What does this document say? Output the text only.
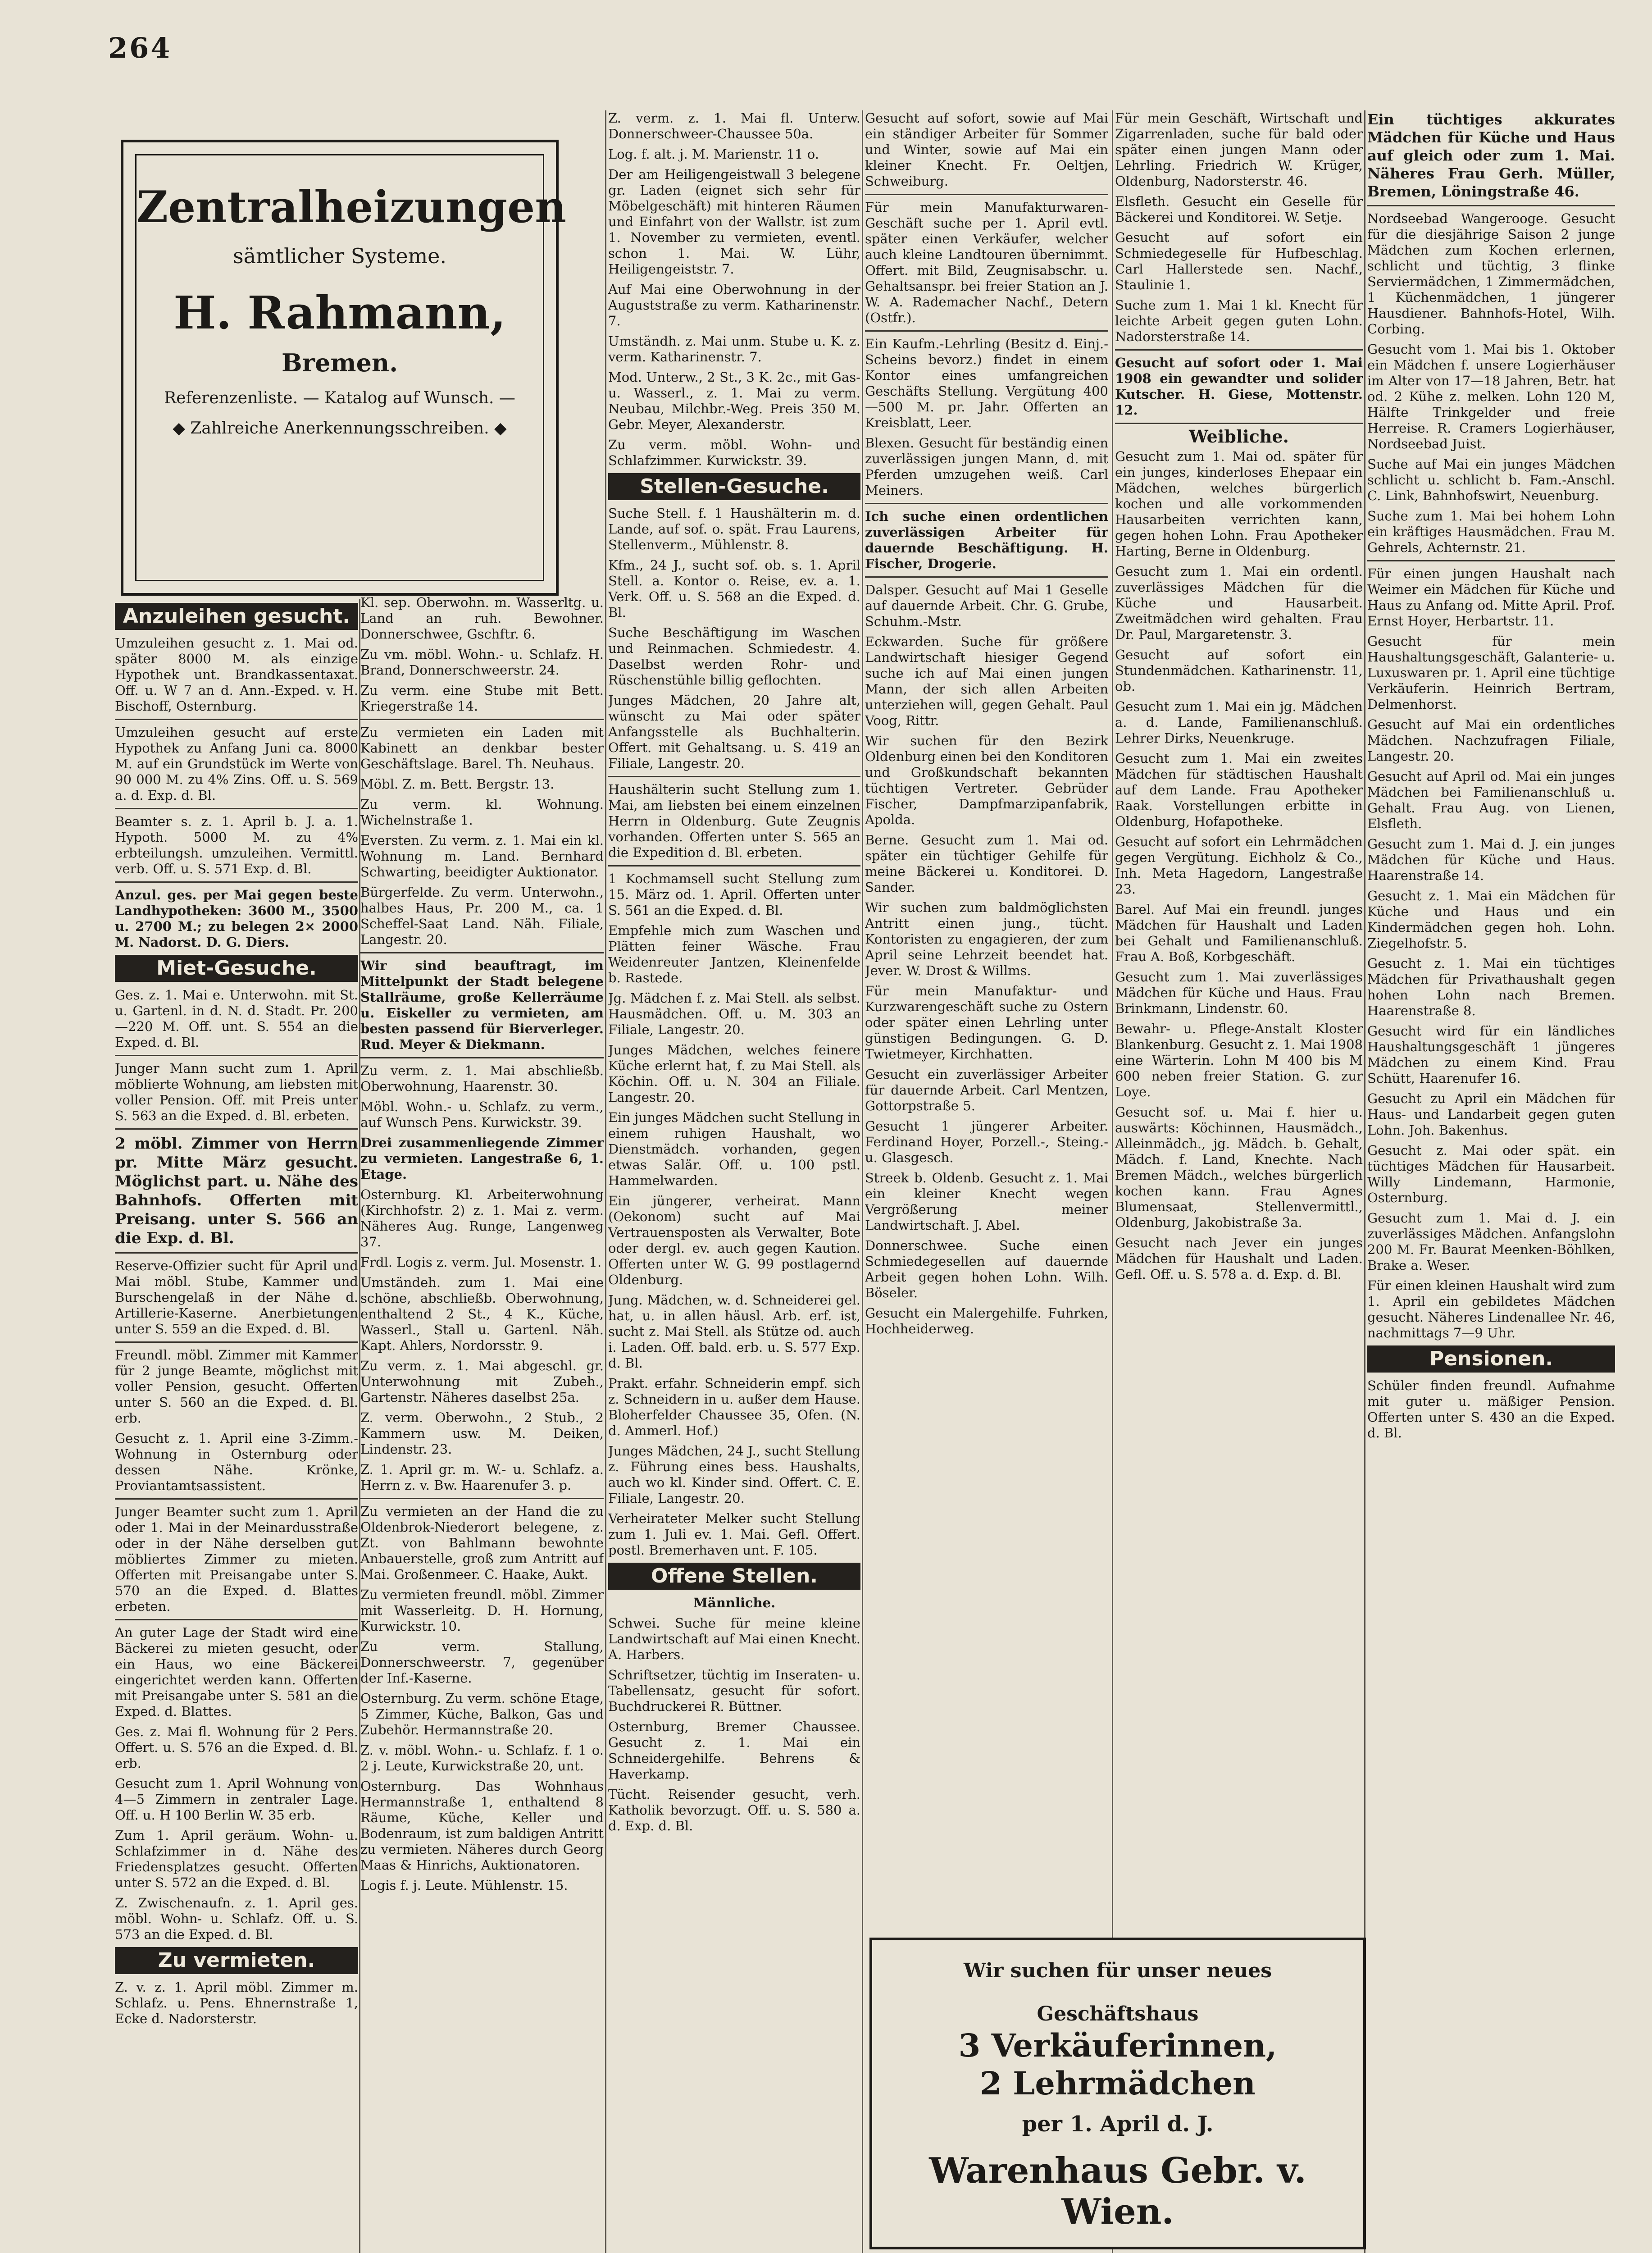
264
Zentralheizungen
sämtlicher Systeme.
H. Rahmann,
Bremen.
Referenzenliste. — Katalog auf Wunsch. —
◆ Zahlreiche Anerkennungsschreiben. ◆
Anzuleihen gesucht.
Umzuleihen gesucht z. 1. Mai od. später 8000 M. als einzige Hypothek unt. Brandkassentaxat. Off. u. W 7 an d. Ann.-Exped. v. H. Bischoff, Osternburg.
Umzuleihen gesucht auf erste Hypothek zu Anfang Juni ca. 8000 M. auf ein Grundstück im Werte von 90 000 M. zu 4% Zins. Off. u. S. 569 a. d. Exp. d. Bl.
Beamter s. z. 1. April b. J. a. 1. Hypoth. 5000 M. zu 4% erbteilungsh. umzuleihen. Vermittl. verb. Off. u. S. 571 Exp. d. Bl.
Anzul. ges. per Mai gegen beste Landhypotheken: 3600 M., 3500 u. 2700 M.; zu belegen 2× 2000 M. Nadorst. D. G. Diers.
Miet-Gesuche.
Ges. z. 1. Mai e. Unterwohn. mit St. u. Gartenl. in d. N. d. Stadt. Pr. 200—220 M. Off. unt. S. 554 an die Exped. d. Bl.
Junger Mann sucht zum 1. April möblierte Wohnung, am liebsten mit voller Pension. Off. mit Preis unter S. 563 an die Exped. d. Bl. erbeten.
2 möbl. Zimmer von Herrn pr. Mitte März gesucht. Möglichst part. u. Nähe des Bahnhofs. Offerten mit Preisang. unter S. 566 an die Exp. d. Bl.
Reserve-Offizier sucht für April und Mai möbl. Stube, Kammer und Burschengelaß in der Nähe d. Artillerie-Kaserne. Anerbietungen unter S. 559 an die Exped. d. Bl.
Freundl. möbl. Zimmer mit Kammer für 2 junge Beamte, möglichst mit voller Pension, gesucht. Offerten unter S. 560 an die Exped. d. Bl. erb.
Gesucht z. 1. April eine 3-Zimm.-Wohnung in Osternburg oder dessen Nähe. Krönke, Proviantamtsassistent.
Junger Beamter sucht zum 1. April oder 1. Mai in der Meinardusstraße oder in der Nähe derselben gut möbliertes Zimmer zu mieten. Offerten mit Preisangabe unter S. 570 an die Exped. d. Blattes erbeten.
An guter Lage der Stadt wird eine Bäckerei zu mieten gesucht, oder ein Haus, wo eine Bäckerei eingerichtet werden kann. Offerten mit Preisangabe unter S. 581 an die Exped. d. Blattes.
Ges. z. Mai fl. Wohnung für 2 Pers. Offert. u. S. 576 an die Exped. d. Bl. erb.
Gesucht zum 1. April Wohnung von 4—5 Zimmern in zentraler Lage. Off. u. H 100 Berlin W. 35 erb.
Zum 1. April geräum. Wohn- u. Schlafzimmer in d. Nähe des Friedensplatzes gesucht. Offerten unter S. 572 an die Exped. d. Bl.
Z. Zwischenaufn. z. 1. April ges. möbl. Wohn- u. Schlafz. Off. u. S. 573 an die Exped. d. Bl.
Zu vermieten.
Z. v. z. 1. April möbl. Zimmer m. Schlafz. u. Pens. Ehnernstraße 1, Ecke d. Nadorsterstr.
Kl. sep. Oberwohn. m. Wasserltg. u. Land an ruh. Bewohner. Donnerschwee, Gschftr. 6.
Zu vm. möbl. Wohn.- u. Schlafz. H. Brand, Donnerschweerstr. 24.
Zu verm. eine Stube mit Bett. Kriegerstraße 14.
Zu vermieten ein Laden mit Kabinett an denkbar bester Geschäftslage. Barel. Th. Neuhaus.
Möbl. Z. m. Bett. Bergstr. 13.
Zu verm. kl. Wohnung. Wichelnstraße 1.
Eversten. Zu verm. z. 1. Mai ein kl. Wohnung m. Land. Bernhard Schwarting, beeidigter Auktionator.
Bürgerfelde. Zu verm. Unterwohn., halbes Haus, Pr. 200 M., ca. 1 Scheffel-Saat Land. Näh. Filiale, Langestr. 20.
Wir sind beauftragt, im Mittelpunkt der Stadt belegene Stallräume, große Kellerräume u. Eiskeller zu vermieten, am besten passend für Bierverleger. Rud. Meyer & Diekmann.
Zu verm. z. 1. Mai abschließb. Oberwohnung, Haarenstr. 30.
Möbl. Wohn.- u. Schlafz. zu verm., auf Wunsch Pens. Kurwickstr. 39.
Drei zusammenliegende Zimmer zu vermieten. Langestraße 6, 1. Etage.
Osternburg. Kl. Arbeiterwohnung (Kirchhofstr. 2) z. 1. Mai z. verm. Näheres Aug. Runge, Langenweg 37.
Frdl. Logis z. verm. Jul. Mosenstr. 1.
Umständeh. zum 1. Mai eine schöne, abschließb. Oberwohnung, enthaltend 2 St., 4 K., Küche, Wasserl., Stall u. Gartenl. Näh. Kapt. Ahlers, Nordorsstr. 9.
Zu verm. z. 1. Mai abgeschl. gr. Unterwohnung mit Zubeh., Gartenstr. Näheres daselbst 25a.
Z. verm. Oberwohn., 2 Stub., 2 Kammern usw. M. Deiken, Lindenstr. 23.
Z. 1. April gr. m. W.- u. Schlafz. a. Herrn z. v. Bw. Haarenufer 3. p.
Zu vermieten an der Hand die zu Oldenbrok-Niederort belegene, z. Zt. von Bahlmann bewohnte Anbauerstelle, groß zum Antritt auf Mai. Großenmeer. C. Haake, Aukt.
Zu vermieten freundl. möbl. Zimmer mit Wasserleitg. D. H. Hornung, Kurwickstr. 10.
Zu verm. Stallung, Donnerschweerstr. 7, gegenüber der Inf.-Kaserne.
Osternburg. Zu verm. schöne Etage, 5 Zimmer, Küche, Balkon, Gas und Zubehör. Hermannstraße 20.
Z. v. möbl. Wohn.- u. Schlafz. f. 1 o. 2 j. Leute, Kurwickstraße 20, unt.
Osternburg. Das Wohnhaus Hermannstraße 1, enthaltend 8 Räume, Küche, Keller und Bodenraum, ist zum baldigen Antritt zu vermieten. Näheres durch Georg Maas & Hinrichs, Auktionatoren.
Logis f. j. Leute. Mühlenstr. 15.
Z. verm. z. 1. Mai fl. Unterw. Donnerschweer-Chaussee 50a.
Log. f. alt. j. M. Marienstr. 11 o.
Der am Heiligengeistwall 3 belegene gr. Laden (eignet sich sehr für Möbelgeschäft) mit hinteren Räumen und Einfahrt von der Wallstr. ist zum 1. November zu vermieten, eventl. schon 1. Mai. W. Lühr, Heiligengeiststr. 7.
Auf Mai eine Oberwohnung in der Auguststraße zu verm. Katharinenstr. 7.
Umständh. z. Mai unm. Stube u. K. z. verm. Katharinenstr. 7.
Mod. Unterw., 2 St., 3 K. 2c., mit Gas- u. Wasserl., z. 1. Mai zu verm. Neubau, Milchbr.-Weg. Preis 350 M. Gebr. Meyer, Alexanderstr.
Zu verm. möbl. Wohn- und Schlafzimmer. Kurwickstr. 39.
Stellen-Gesuche.
Suche Stell. f. 1 Haushälterin m. d. Lande, auf sof. o. spät. Frau Laurens, Stellenverm., Mühlenstr. 8.
Kfm., 24 J., sucht sof. ob. s. 1. April Stell. a. Kontor o. Reise, ev. a. 1. Verk. Off. u. S. 568 an die Exped. d. Bl.
Suche Beschäftigung im Waschen und Reinmachen. Schmiedestr. 4. Daselbst werden Rohr- und Rüschenstühle billig geflochten.
Junges Mädchen, 20 Jahre alt, wünscht zu Mai oder später Anfangsstelle als Buchhalterin. Offert. mit Gehaltsang. u. S. 419 an Filiale, Langestr. 20.
Haushälterin sucht Stellung zum 1. Mai, am liebsten bei einem einzelnen Herrn in Oldenburg. Gute Zeugnis vorhanden. Offerten unter S. 565 an die Expedition d. Bl. erbeten.
1 Kochmamsell sucht Stellung zum 15. März od. 1. April. Offerten unter S. 561 an die Exped. d. Bl.
Empfehle mich zum Waschen und Plätten feiner Wäsche. Frau Weidenreuter Jantzen, Kleinenfelde b. Rastede.
Jg. Mädchen f. z. Mai Stell. als selbst. Hausmädchen. Off. u. M. 303 an Filiale, Langestr. 20.
Junges Mädchen, welches feinere Küche erlernt hat, f. zu Mai Stell. als Köchin. Off. u. N. 304 an Filiale. Langestr. 20.
Ein junges Mädchen sucht Stellung in einem ruhigen Haushalt, wo Dienstmädch. vorhanden, gegen etwas Salär. Off. u. 100 pstl. Hammelwarden.
Ein jüngerer, verheirat. Mann (Oekonom) sucht auf Mai Vertrauensposten als Verwalter, Bote oder dergl. ev. auch gegen Kaution. Offerten unter W. G. 99 postlagernd Oldenburg.
Jung. Mädchen, w. d. Schneiderei gel. hat, u. in allen häusl. Arb. erf. ist, sucht z. Mai Stell. als Stütze od. auch i. Laden. Off. bald. erb. u. S. 577 Exp. d. Bl.
Prakt. erfahr. Schneiderin empf. sich z. Schneidern in u. außer dem Hause. Bloherfelder Chaussee 35, Ofen. (N. d. Ammerl. Hof.)
Junges Mädchen, 24 J., sucht Stellung z. Führung eines bess. Haushalts, auch wo kl. Kinder sind. Offert. C. E. Filiale, Langestr. 20.
Verheirateter Melker sucht Stellung zum 1. Juli ev. 1. Mai. Gefl. Offert. postl. Bremerhaven unt. F. 105.
Offene Stellen.
Männliche.
Schwei. Suche für meine kleine Landwirtschaft auf Mai einen Knecht. A. Harbers.
Schriftsetzer, tüchtig im Inseraten- u. Tabellensatz, gesucht für sofort. Buchdruckerei R. Büttner.
Osternburg, Bremer Chaussee. Gesucht z. 1. Mai ein Schneidergehilfe. Behrens & Haverkamp.
Tücht. Reisender gesucht, verh. Katholik bevorzugt. Off. u. S. 580 a. d. Exp. d. Bl.
Gesucht auf sofort, sowie auf Mai ein ständiger Arbeiter für Sommer und Winter, sowie auf Mai ein kleiner Knecht. Fr. Oeltjen, Schweiburg.
Für mein Manufakturwaren-Geschäft suche per 1. April evtl. später einen Verkäufer, welcher auch kleine Landtouren übernimmt. Offert. mit Bild, Zeugnisabschr. u. Gehaltsanspr. bei freier Station an J. W. A. Rademacher Nachf., Detern (Ostfr.).
Ein Kaufm.-Lehrling (Besitz d. Einj.-Scheins bevorz.) findet in einem Kontor eines umfangreichen Geschäfts Stellung. Vergütung 400—500 M. pr. Jahr. Offerten an Kreisblatt, Leer.
Blexen. Gesucht für beständig einen zuverlässigen jungen Mann, d. mit Pferden umzugehen weiß. Carl Meiners.
Ich suche einen ordentlichen zuverlässigen Arbeiter für dauernde Beschäftigung. H. Fischer, Drogerie.
Dalsper. Gesucht auf Mai 1 Geselle auf dauernde Arbeit. Chr. G. Grube, Schuhm.-Mstr.
Eckwarden. Suche für größere Landwirtschaft hiesiger Gegend suche ich auf Mai einen jungen Mann, der sich allen Arbeiten unterziehen will, gegen Gehalt. Paul Voog, Rittr.
Wir suchen für den Bezirk Oldenburg einen bei den Konditoren und Großkundschaft bekannten tüchtigen Vertreter. Gebrüder Fischer, Dampfmarzipanfabrik, Apolda.
Berne. Gesucht zum 1. Mai od. später ein tüchtiger Gehilfe für meine Bäckerei u. Konditorei. D. Sander.
Wir suchen zum baldmöglichsten Antritt einen jung., tücht. Kontoristen zu engagieren, der zum April seine Lehrzeit beendet hat. Jever. W. Drost & Willms.
Für mein Manufaktur- und Kurzwarengeschäft suche zu Ostern oder später einen Lehrling unter günstigen Bedingungen. G. D. Twietmeyer, Kirchhatten.
Gesucht ein zuverlässiger Arbeiter für dauernde Arbeit. Carl Mentzen, Gottorpstraße 5.
Gesucht 1 jüngerer Arbeiter. Ferdinand Hoyer, Porzell.-, Steing.- u. Glasgesch.
Streek b. Oldenb. Gesucht z. 1. Mai ein kleiner Knecht wegen Vergrößerung meiner Landwirtschaft. J. Abel.
Donnerschwee. Suche einen Schmiedegesellen auf dauernde Arbeit gegen hohen Lohn. Wilh. Böseler.
Gesucht ein Malergehilfe. Fuhrken, Hochheiderweg.
Für mein Geschäft, Wirtschaft und Zigarrenladen, suche für bald oder später einen jungen Mann oder Lehrling. Friedrich W. Krüger, Oldenburg, Nadorsterstr. 46.
Elsfleth. Gesucht ein Geselle für Bäckerei und Konditorei. W. Setje.
Gesucht auf sofort ein Schmiedegeselle für Hufbeschlag. Carl Hallerstede sen. Nachf., Staulinie 1.
Suche zum 1. Mai 1 kl. Knecht für leichte Arbeit gegen guten Lohn. Nadorsterstraße 14.
Gesucht auf sofort oder 1. Mai 1908 ein gewandter und solider Kutscher. H. Giese, Mottenstr. 12.
Weibliche.
Gesucht zum 1. Mai od. später für ein junges, kinderloses Ehepaar ein Mädchen, welches bürgerlich kochen und alle vorkommenden Hausarbeiten verrichten kann, gegen hohen Lohn. Frau Apotheker Harting, Berne in Oldenburg.
Gesucht zum 1. Mai ein ordentl. zuverlässiges Mädchen für die Küche und Hausarbeit. Zweitmädchen wird gehalten. Frau Dr. Paul, Margaretenstr. 3.
Gesucht auf sofort ein Stundenmädchen. Katharinenstr. 11, ob.
Gesucht zum 1. Mai ein jg. Mädchen a. d. Lande, Familienanschluß. Lehrer Dirks, Neuenkruge.
Gesucht zum 1. Mai ein zweites Mädchen für städtischen Haushalt auf dem Lande. Frau Apotheker Raak. Vorstellungen erbitte in Oldenburg, Hofapotheke.
Gesucht auf sofort ein Lehrmädchen gegen Vergütung. Eichholz & Co., Inh. Meta Hagedorn, Langestraße 23.
Barel. Auf Mai ein freundl. junges Mädchen für Haushalt und Laden bei Gehalt und Familienanschluß. Frau A. Boß, Korbgeschäft.
Gesucht zum 1. Mai zuverlässiges Mädchen für Küche und Haus. Frau Brinkmann, Lindenstr. 60.
Bewahr- u. Pflege-Anstalt Kloster Blankenburg. Gesucht z. 1. Mai 1908 eine Wärterin. Lohn M 400 bis M 600 neben freier Station. G. zur Loye.
Gesucht sof. u. Mai f. hier u. auswärts: Köchinnen, Hausmädch., Alleinmädch., jg. Mädch. b. Gehalt, Mädch. f. Land, Knechte. Nach Bremen Mädch., welches bürgerlich kochen kann. Frau Agnes Blumensaat, Stellenvermittl., Oldenburg, Jakobistraße 3a.
Gesucht nach Jever ein junges Mädchen für Haushalt und Laden. Gefl. Off. u. S. 578 a. d. Exp. d. Bl.
Ein tüchtiges akkurates Mädchen für Küche und Haus auf gleich oder zum 1. Mai. Näheres Frau Gerh. Müller, Bremen, Löningstraße 46.
Nordseebad Wangerooge. Gesucht für die diesjährige Saison 2 junge Mädchen zum Kochen erlernen, schlicht und tüchtig, 3 flinke Serviermädchen, 1 Zimmermädchen, 1 Küchenmädchen, 1 jüngerer Hausdiener. Bahnhofs-Hotel, Wilh. Corbing.
Gesucht vom 1. Mai bis 1. Oktober ein Mädchen f. unsere Logierhäuser im Alter von 17—18 Jahren, Betr. hat od. 2 Kühe z. melken. Lohn 120 M, Hälfte Trinkgelder und freie Herreise. R. Cramers Logierhäuser, Nordseebad Juist.
Suche auf Mai ein junges Mädchen schlicht u. schlicht b. Fam.-Anschl. C. Link, Bahnhofswirt, Neuenburg.
Suche zum 1. Mai bei hohem Lohn ein kräftiges Hausmädchen. Frau M. Gehrels, Achternstr. 21.
Für einen jungen Haushalt nach Weimer ein Mädchen für Küche und Haus zu Anfang od. Mitte April. Prof. Ernst Hoyer, Herbartstr. 11.
Gesucht für mein Haushaltungsgeschäft, Galanterie- u. Luxuswaren pr. 1. April eine tüchtige Verkäuferin. Heinrich Bertram, Delmenhorst.
Gesucht auf Mai ein ordentliches Mädchen. Nachzufragen Filiale, Langestr. 20.
Gesucht auf April od. Mai ein junges Mädchen bei Familienanschluß u. Gehalt. Frau Aug. von Lienen, Elsfleth.
Gesucht zum 1. Mai d. J. ein junges Mädchen für Küche und Haus. Haarenstraße 14.
Gesucht z. 1. Mai ein Mädchen für Küche und Haus und ein Kindermädchen gegen hoh. Lohn. Ziegelhofstr. 5.
Gesucht z. 1. Mai ein tüchtiges Mädchen für Privathaushalt gegen hohen Lohn nach Bremen. Haarenstraße 8.
Gesucht wird für ein ländliches Haushaltungsgeschäft 1 jüngeres Mädchen zu einem Kind. Frau Schütt, Haarenufer 16.
Gesucht zu April ein Mädchen für Haus- und Landarbeit gegen guten Lohn. Joh. Bakenhus.
Gesucht z. Mai oder spät. ein tüchtiges Mädchen für Hausarbeit. Willy Lindemann, Harmonie, Osternburg.
Gesucht zum 1. Mai d. J. ein zuverlässiges Mädchen. Anfangslohn 200 M. Fr. Baurat Meenken-Böhlken, Brake a. Weser.
Für einen kleinen Haushalt wird zum 1. April ein gebildetes Mädchen gesucht. Näheres Lindenallee Nr. 46, nachmittags 7—9 Uhr.
Pensionen.
Schüler finden freundl. Aufnahme mit guter u. mäßiger Pension. Offerten unter S. 430 an die Exped. d. Bl.
Wir suchen für unser neues
Geschäftshaus
3 Verkäuferinnen,
2 Lehrmädchen
per 1. April d. J.
Warenhaus Gebr. v. Wien.
